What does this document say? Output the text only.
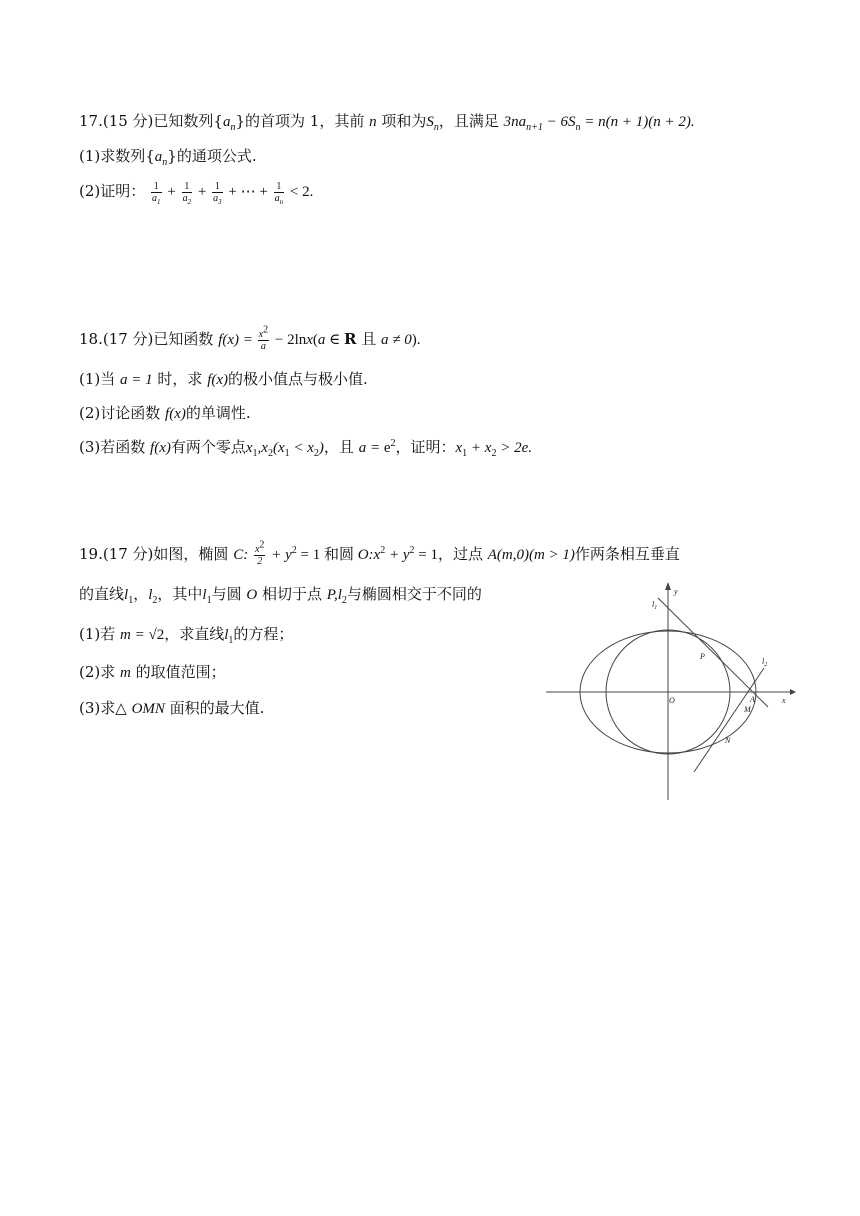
17.(15 分)已知数列$\{a_n\}$的首项为 1，其前 n 项和为$S_n$，且满足 $3na_{n+1} - 6S_n = n(n + 1)(n + 2)$.
(1)求数列$\{a_n\}$的通项公式.
(2)证明： $\frac{1}{a_1} + \frac{1}{a_2} + \frac{1}{a_3}$ + ⋯ + $\frac{1}{a_n} < 2$.
18.(17 分)已知函数 $f(x) = \frac{x^2}{a} - 2\ln x(a$ ∈ R 且 a ≠ 0).
(1)当 a = 1 时，求 f(x)的极小值点与极小值.
(2)讨论函数 f(x)的单调性.
(3)若函数 f(x)有两个零点$x_1,x_2(x_1 < x_2)$，且 $a = e^2$，证明：$x_1 + x_2 > 2e$.
19.(17 分)如图，椭圆 C: $\frac{x^2}{2} + y^2 = 1$ 和圆 $O:x^2 + y^2 = 1$，过点 A(m,0)(m > 1)作两条相互垂直
的直线$l_1$，$l_2$，其中$l_1$与圆 O 相切于点 $P,l_2$与椭圆相交于不同的
(1)若 m = √2，求直线$l_1$的方程；
(2)求 m 的取值范围；
(3)求△ OMN 面积的最大值.
$l_1$
y
P
O
$l_2$
A	x
M
N
